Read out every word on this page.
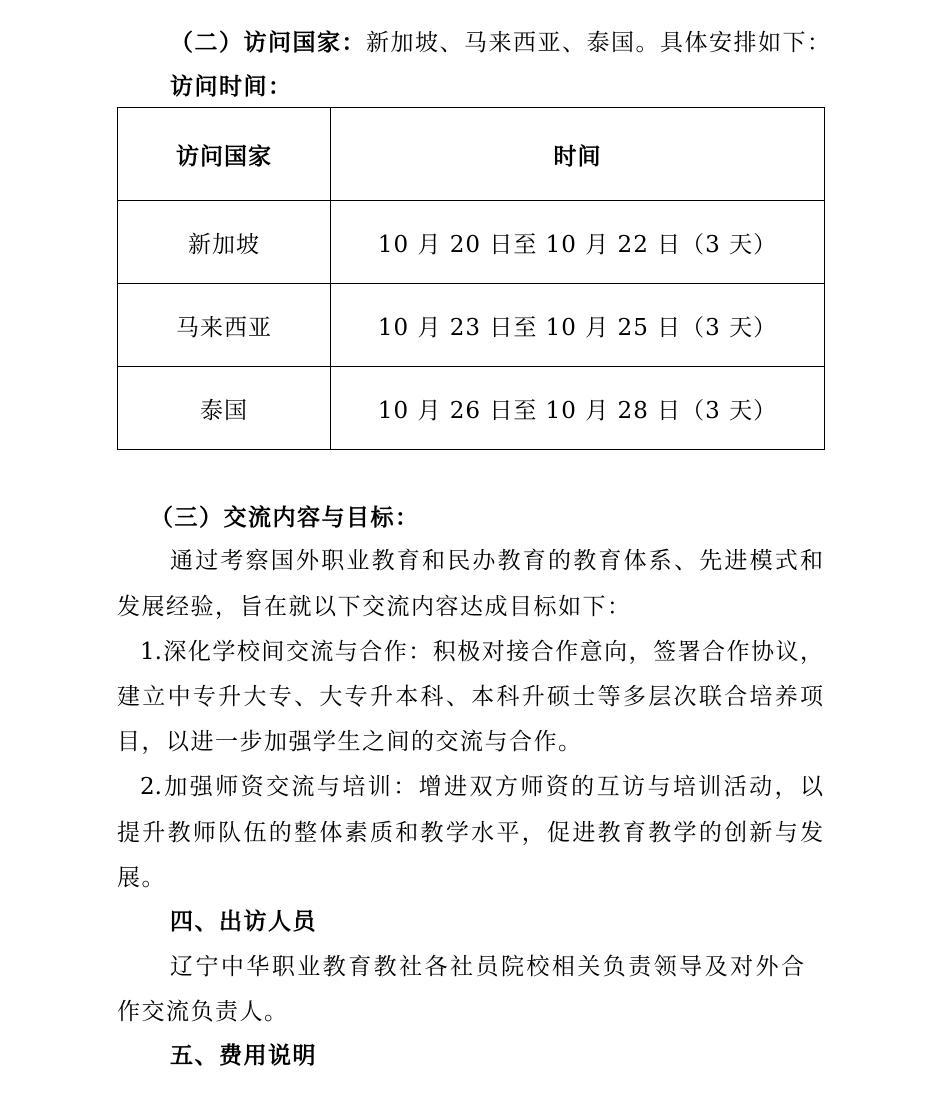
（二）访问国家：新加坡、马来西亚、泰国。具体安排如下：
访问时间：
访问国家	时间
新加坡	10 月 20 日至 10 月 22 日（3 天）
马来西亚	10 月 23 日至 10 月 25 日（3 天）
泰国	10 月 26 日至 10 月 28 日（3 天）
（三）交流内容与目标：
通过考察国外职业教育和民办教育的教育体系、先进模式和
发展经验，旨在就以下交流内容达成目标如下：
1.深化学校间交流与合作：积极对接合作意向，签署合作协议，
建立中专升大专、大专升本科、本科升硕士等多层次联合培养项
目，以进一步加强学生之间的交流与合作。
2.加强师资交流与培训：增进双方师资的互访与培训活动，以
提升教师队伍的整体素质和教学水平，促进教育教学的创新与发
展。
四、出访人员
辽宁中华职业教育教社各社员院校相关负责领导及对外合
作交流负责人。
五、费用说明
